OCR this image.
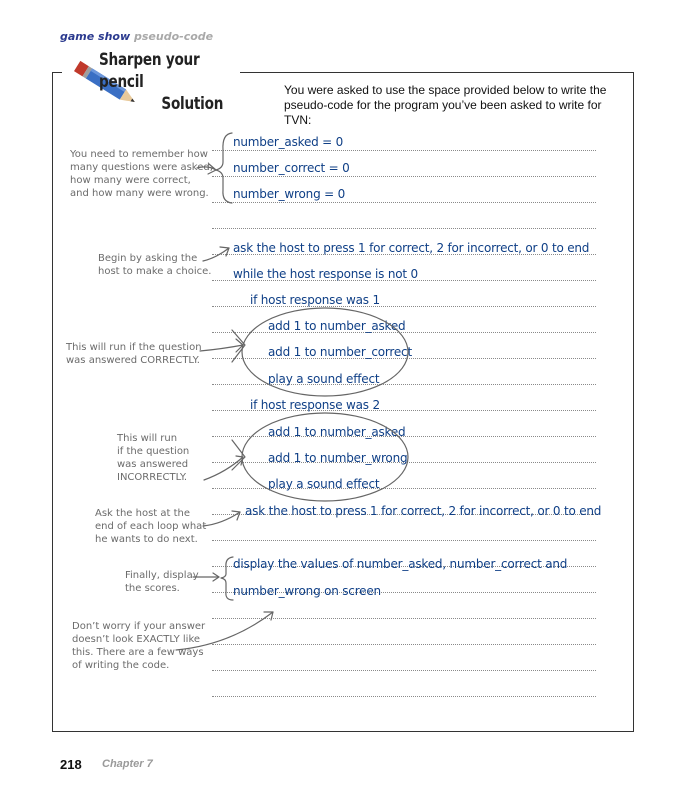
game show pseudo-code
Sharpen your pencil
Solution
You were asked to use the space provided below to write the pseudo-code for the program you’ve been asked to write for TVN:
number_asked = 0
number_correct = 0
number_wrong = 0
ask the host to press 1 for correct, 2 for incorrect, or 0 to end
while the host response is not 0
if host response was 1
add 1 to number_asked
add 1 to number_correct
play a sound effect
if host response was 2
add 1 to number_asked
add 1 to number_wrong
play a sound effect
ask the host to press 1 for correct, 2 for incorrect, or 0 to end
display the values of number_asked, number_correct and
number_wrong on screen
You need to remember how
many questions were asked,
how many were correct,
and how many were wrong.
Begin by asking the
host to make a choice.
This will run if the question
was answered CORRECTLY.
This will run
if the question
was answered
INCORRECTLY.
Ask the host at the
end of each loop what
he wants to do next.
Finally, display
the scores.
Don’t worry if your answer
doesn’t look EXACTLY like
this. There are a few ways
of writing the code.
218 Chapter 7
